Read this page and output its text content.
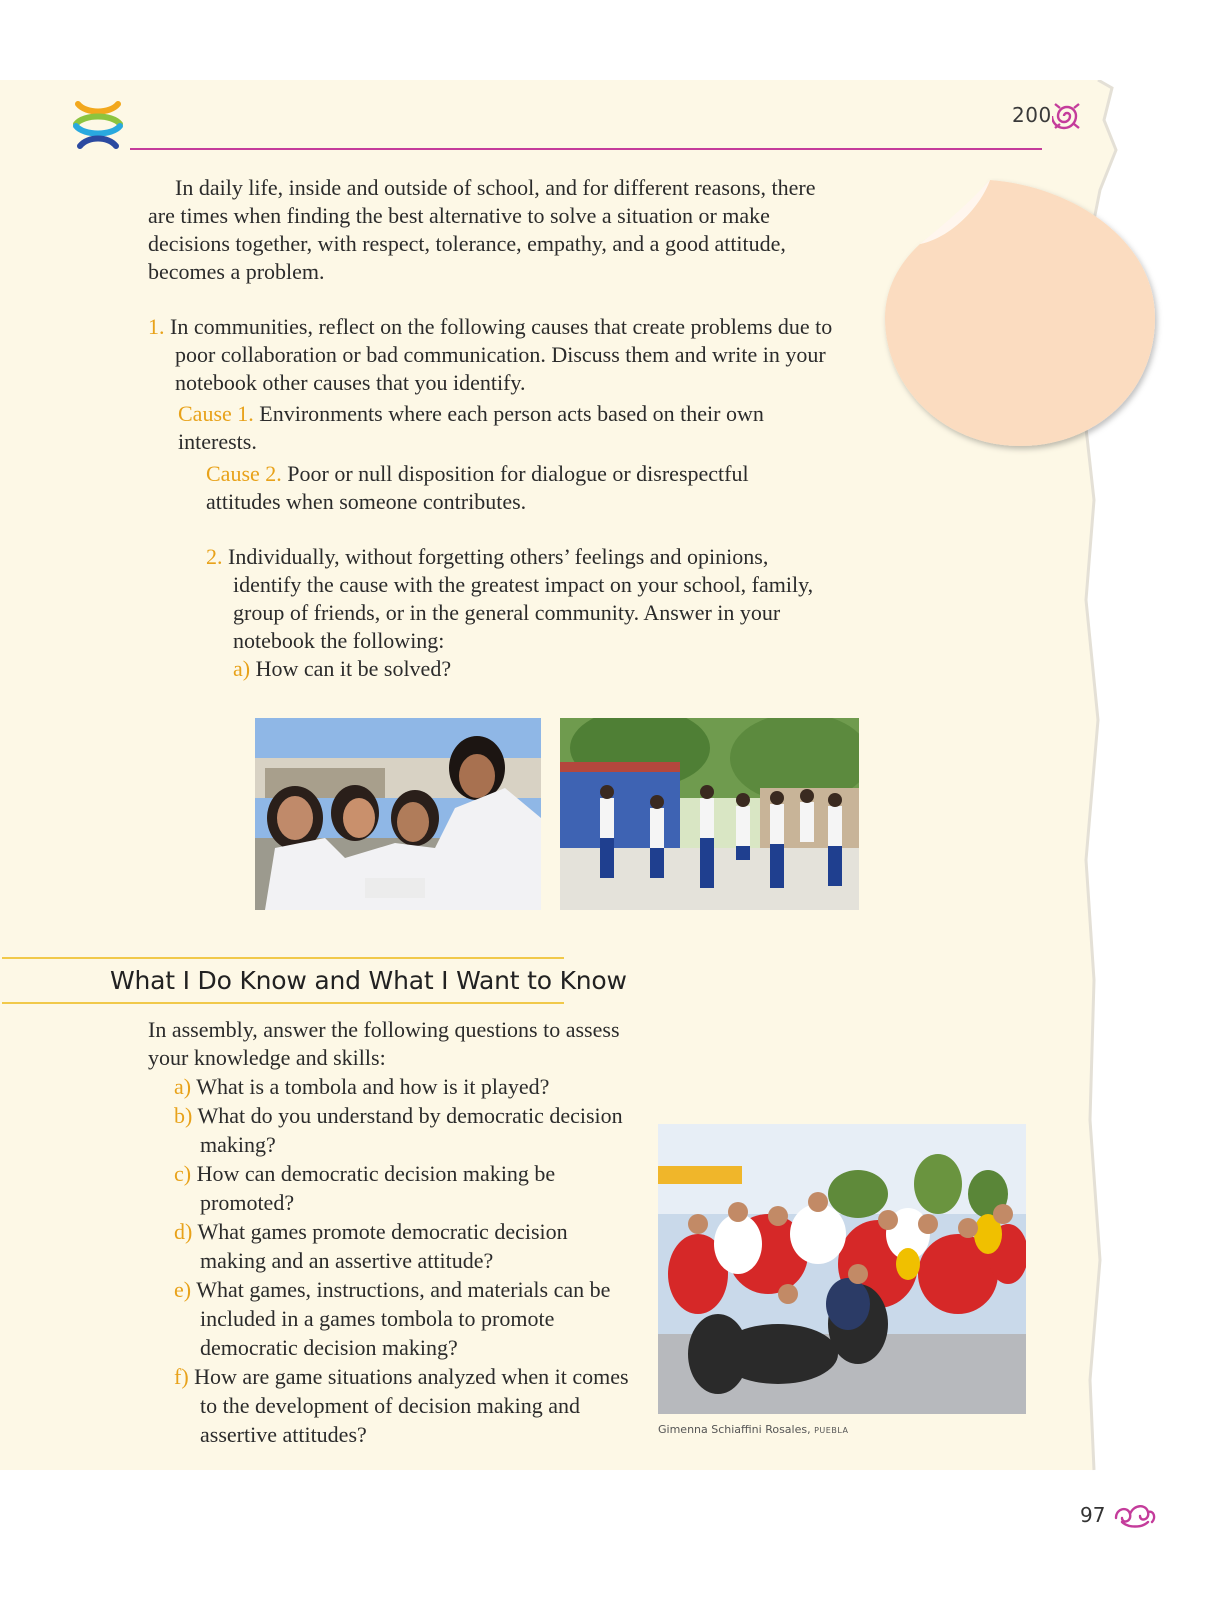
200

In daily life, inside and outside of school, and for different reasons, there are times when finding the best alternative to solve a situation or make decisions together, with respect, tolerance, empathy, and a good attitude, becomes a problem.

1. In communities, reflect on the following causes that create problems due to poor collaboration or bad communication. Discuss them and write in your notebook other causes that you identify.

Cause 1. Environments where each person acts based on their own interests.

Cause 2. Poor or null disposition for dialogue or disrespectful attitudes when someone contributes.

2. Individually, without forgetting others’ feelings and opinions, identify the cause with the greatest impact on your school, family, group of friends, or in the general community. Answer in your notebook the following:

a) How can it be solved?

What I Do Know and What I Want to Know

In assembly, answer the following questions to assess your knowledge and skills:

a) What is a tombola and how is it played?
b) What do you understand by democratic decision making?
c) How can democratic decision making be promoted?
d) What games promote democratic decision making and an assertive attitude?
e) What games, instructions, and materials can be included in a games tombola to promote democratic decision making?
f) How are game situations analyzed when it comes to the development of decision making and assertive attitudes?	Gimenna Schiaffini Rosales, PUEBLA
97
